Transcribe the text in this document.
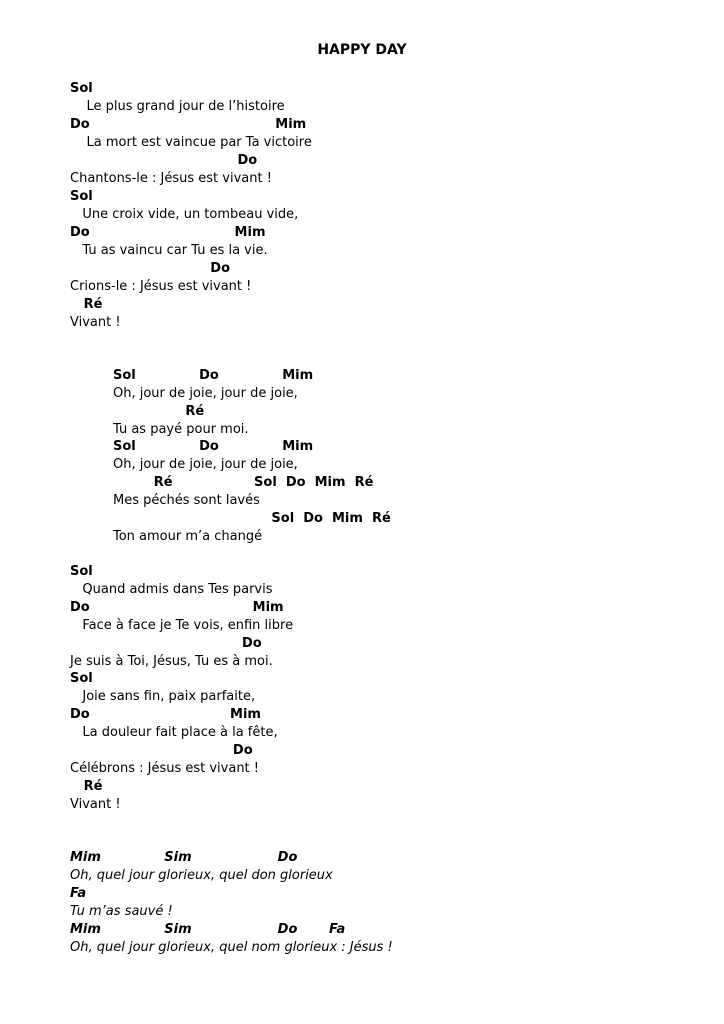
HAPPY DAY
Sol
Le plus grand jour de l’histoire
Do                                         Mim
La mort est vaincue par Ta victoire
Do
Chantons-le : Jésus est vivant !
Sol
Une croix vide, un tombeau vide,
Do                                Mim
Tu as vaincu car Tu es la vie.
Do
Crions-le : Jésus est vivant !
Ré
Vivant !
Sol              Do              Mim
Oh, jour de joie, jour de joie,
Ré
Tu as payé pour moi.
Sol              Do              Mim
Oh, jour de joie, jour de joie,
Ré                  Sol  Do  Mim  Ré
Mes péchés sont lavés
Sol  Do  Mim  Ré
Ton amour m’a changé
Sol
Quand admis dans Tes parvis
Do                                    Mim
Face à face je Te vois, enfin libre
Do
Je suis à Toi, Jésus, Tu es à moi.
Sol
Joie sans fin, paix parfaite,
Do                               Mim
La douleur fait place à la fête,
Do
Célébrons : Jésus est vivant !
Ré
Vivant !
Mim              Sim                   Do
Oh, quel jour glorieux, quel don glorieux
Fa
Tu m’as sauvé !
Mim              Sim                   Do       Fa
Oh, quel jour glorieux, quel nom glorieux : Jésus !
